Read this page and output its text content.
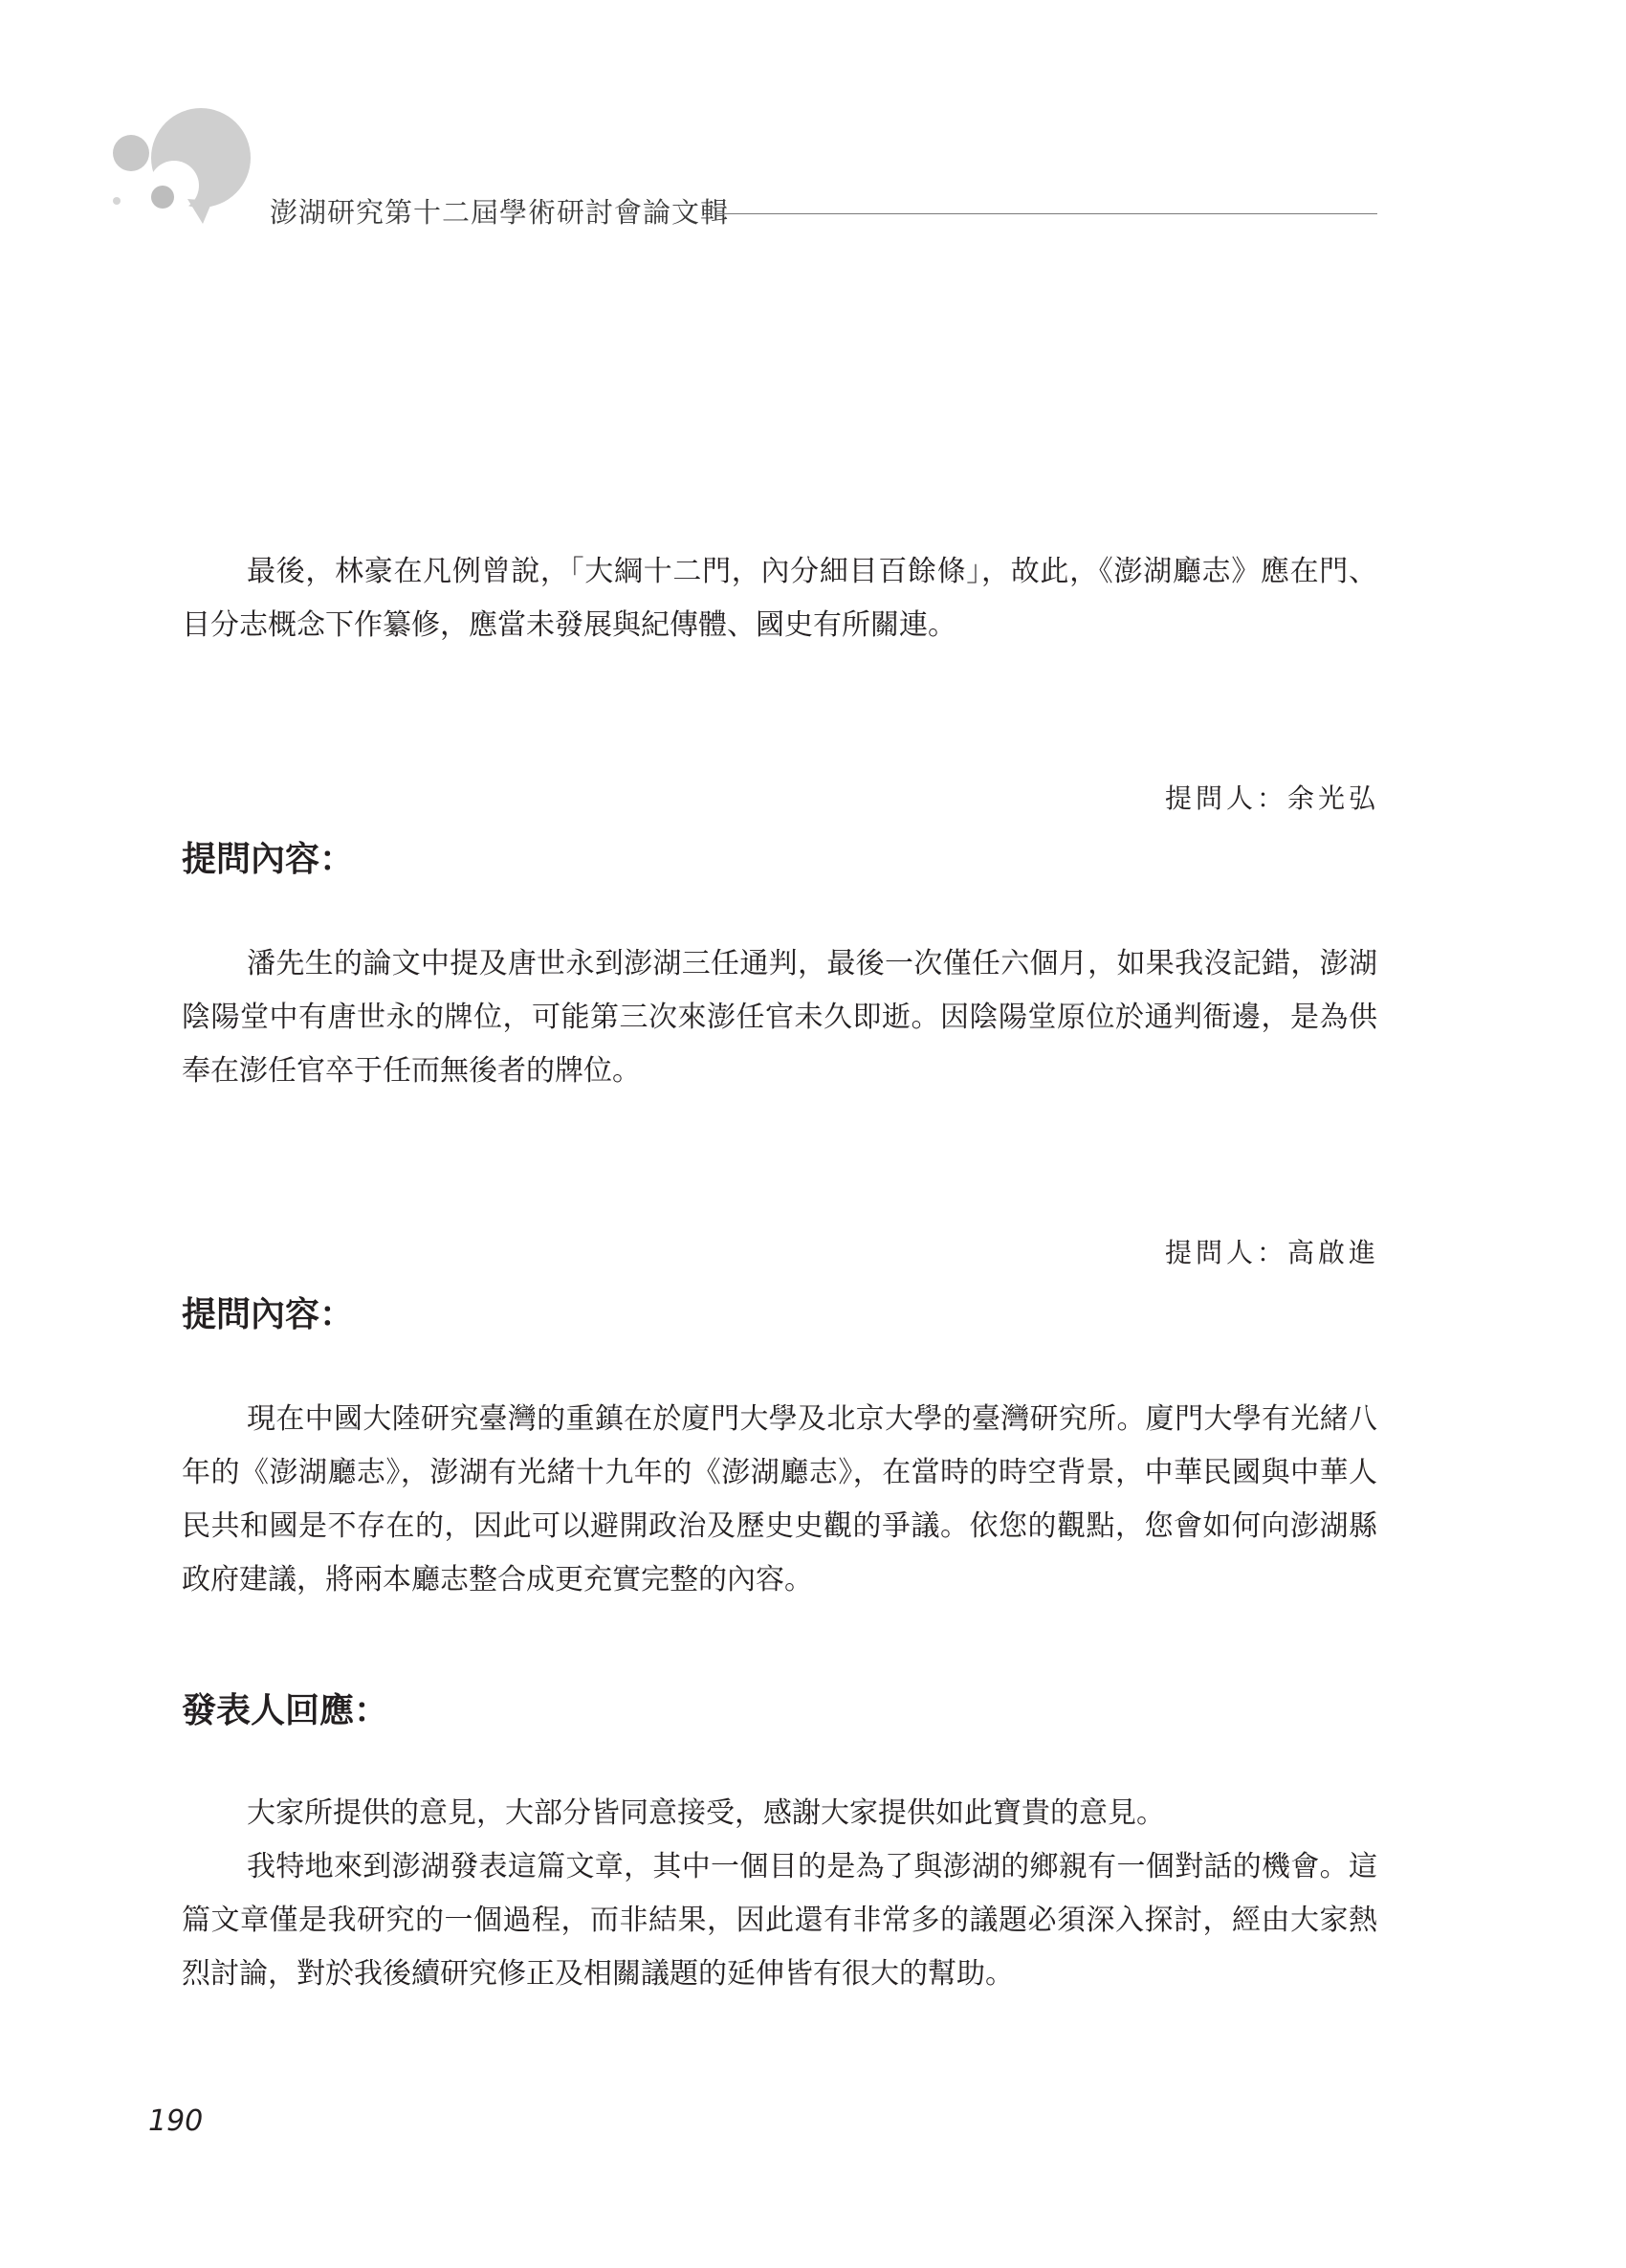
澎湖研究第十二屆學術研討會論文輯

最後，林豪在凡例曾說，「大綱十二門，內分細目百餘條」，故此，《澎湖廳志》應在門、目分志概念下作纂修，應當未發展與紀傳體、國史有所關連。

提問人：余光弘
提問內容：

潘先生的論文中提及唐世永到澎湖三任通判，最後一次僅任六個月，如果我沒記錯，澎湖陰陽堂中有唐世永的牌位，可能第三次來澎任官未久即逝。因陰陽堂原位於通判衙邊，是為供奉在澎任官卒于任而無後者的牌位。

提問人：高啟進
提問內容：

現在中國大陸研究臺灣的重鎮在於廈門大學及北京大學的臺灣研究所。廈門大學有光緒八年的《澎湖廳志》，澎湖有光緒十九年的《澎湖廳志》，在當時的時空背景，中華民國與中華人民共和國是不存在的，因此可以避開政治及歷史史觀的爭議。依您的觀點，您會如何向澎湖縣政府建議，將兩本廳志整合成更充實完整的內容。

發表人回應：

大家所提供的意見，大部分皆同意接受，感謝大家提供如此寶貴的意見。

我特地來到澎湖發表這篇文章，其中一個目的是為了與澎湖的鄉親有一個對話的機會。這篇文章僅是我研究的一個過程，而非結果，因此還有非常多的議題必須深入探討，經由大家熱烈討論，對於我後續研究修正及相關議題的延伸皆有很大的幫助。

190
